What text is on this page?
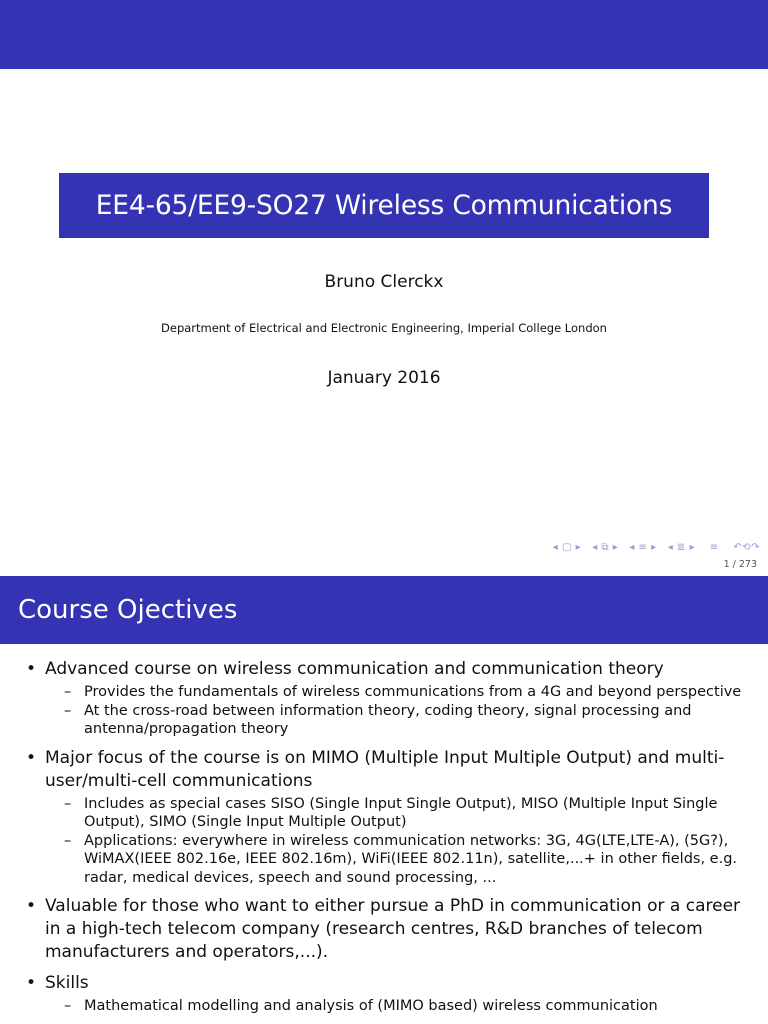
EE4-65/EE9-SO27 Wireless Communications
Bruno Clerckx
Department of Electrical and Electronic Engineering, Imperial College London
January 2016
◂ ▢ ▸ ◂ ⧉ ▸ ◂ ≡ ▸ ◂ ≣ ▸ ≡ ↶⟲↷
1 / 273
Course Ojectives
• Advanced course on wireless communication and communication theory
– Provides the fundamentals of wireless communications from a 4G and beyond perspective
– At the cross-road between information theory, coding theory, signal processing and antenna/propagation theory
• Major focus of the course is on MIMO (Multiple Input Multiple Output) and multi-user/multi-cell communications
– Includes as special cases SISO (Single Input Single Output), MISO (Multiple Input Single Output), SIMO (Single Input Multiple Output)
– Applications: everywhere in wireless communication networks: 3G, 4G(LTE,LTE-A), (5G?), WiMAX(IEEE 802.16e, IEEE 802.16m), WiFi(IEEE 802.11n), satellite,...+ in other fields, e.g. radar, medical devices, speech and sound processing, ...
• Valuable for those who want to either pursue a PhD in communication or a career in a high-tech telecom company (research centres, R&D branches of telecom manufacturers and operators,...).
• Skills
– Mathematical modelling and analysis of (MIMO based) wireless communication
